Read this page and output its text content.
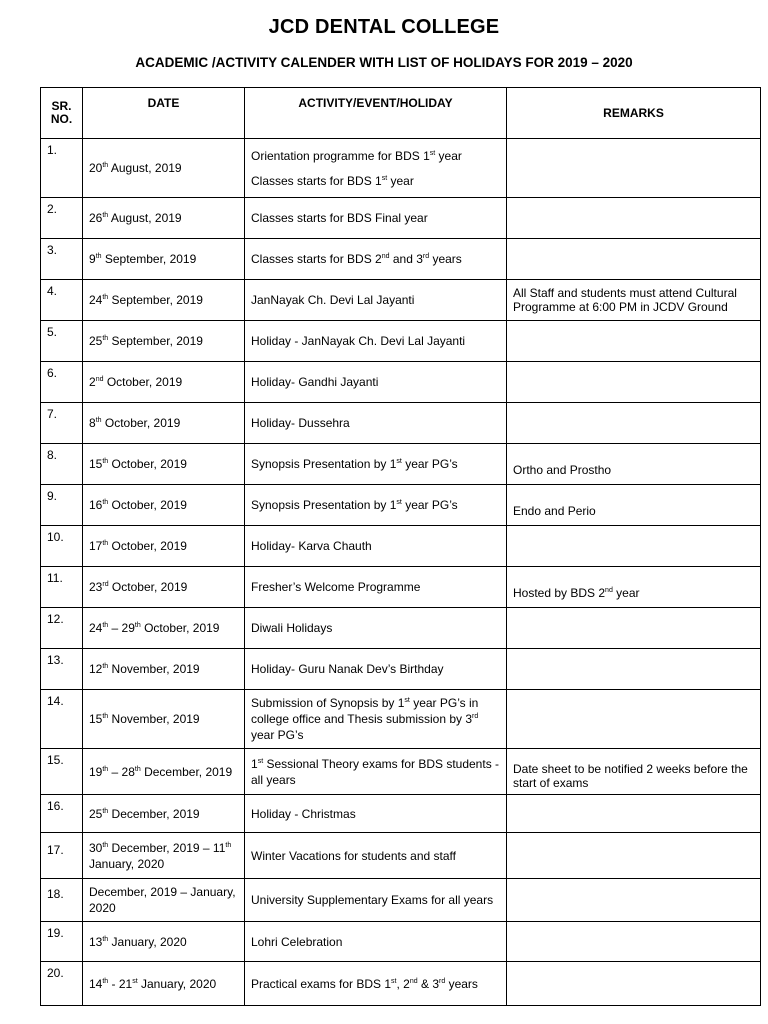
JCD DENTAL COLLEGE
ACADEMIC /ACTIVITY CALENDER WITH LIST OF HOLIDAYS FOR 2019 – 2020
SR.
NO.	DATE	ACTIVITY/EVENT/HOLIDAY	REMARKS
1.	20th August, 2019	Orientation programme for BDS 1st year
Classes starts for BDS 1st year	

2.	26th August, 2019	Classes starts for BDS Final year	
3.	9th September, 2019	Classes starts for BDS 2nd and 3rd years	
4.	24th September, 2019	JanNayak Ch. Devi Lal Jayanti	All Staff and students must attend Cultural Programme at 6:00 PM in JCDV Ground
5.	25th September, 2019	Holiday - JanNayak Ch. Devi Lal Jayanti	
6.	2nd October, 2019	Holiday- Gandhi Jayanti	
7.	8th October, 2019	Holiday- Dussehra	
8.	15th October, 2019	Synopsis Presentation by 1st year PG’s	Ortho and Prostho
9.	16th October, 2019	Synopsis Presentation by 1st year PG’s	Endo and Perio
10.	17th October, 2019	Holiday- Karva Chauth	
11.	23rd October, 2019	Fresher’s Welcome Programme	Hosted by BDS 2nd year
12.	24th – 29th October, 2019	Diwali Holidays	
13.	12th November, 2019	Holiday- Guru Nanak Dev’s Birthday	
14.	15th November, 2019	Submission of Synopsis by 1st year PG’s in college office and Thesis submission by 3rd year PG’s	
15.	19th – 28th December, 2019	1st Sessional Theory exams for BDS students - all years	Date sheet to be notified 2 weeks before the start of exams
16.	25th December, 2019	Holiday - Christmas	
17.	30th December, 2019 – 11th January, 2020	Winter Vacations for students and staff	
18.	December, 2019 – January, 2020	University Supplementary Exams for all years	
19.	13th January, 2020	Lohri Celebration	
20.	14th - 21st January, 2020	Practical exams for BDS 1st, 2nd & 3rd years	
